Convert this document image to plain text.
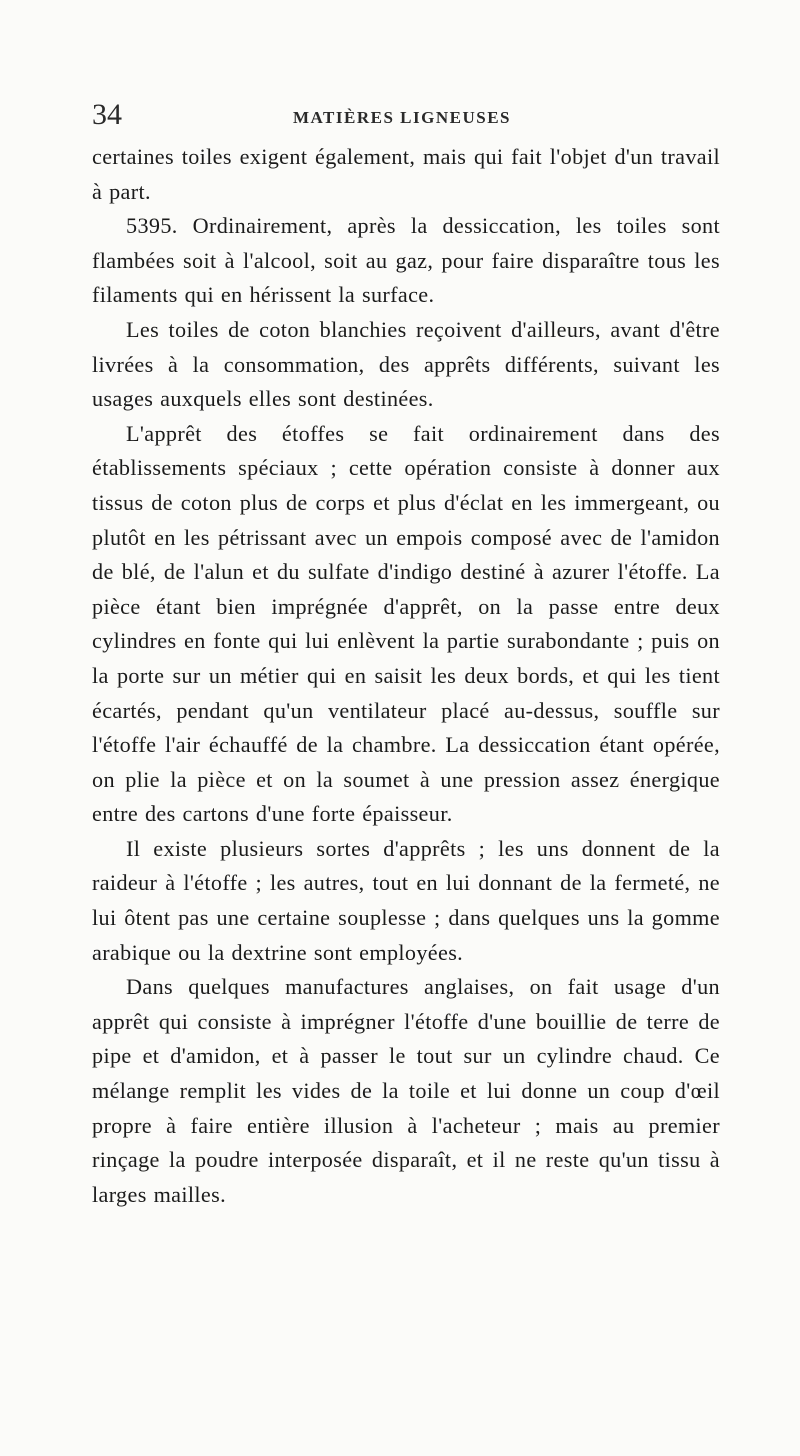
34	MATIÈRES LIGNEUSES

certaines toiles exigent également, mais qui fait l'objet d'un travail à part.

5395. Ordinairement, après la dessiccation, les toiles sont flambées soit à l'alcool, soit au gaz, pour faire disparaître tous les filaments qui en hérissent la surface.

Les toiles de coton blanchies reçoivent d'ailleurs, avant d'être livrées à la consommation, des apprêts différents, suivant les usages auxquels elles sont destinées.

L'apprêt des étoffes se fait ordinairement dans des établissements spéciaux ; cette opération consiste à donner aux tissus de coton plus de corps et plus d'éclat en les immergeant, ou plutôt en les pétrissant avec un empois composé avec de l'amidon de blé, de l'alun et du sulfate d'indigo destiné à azurer l'étoffe. La pièce étant bien imprégnée d'apprêt, on la passe entre deux cylindres en fonte qui lui enlèvent la partie surabondante ; puis on la porte sur un métier qui en saisit les deux bords, et qui les tient écartés, pendant qu'un ventilateur placé au-dessus, souffle sur l'étoffe l'air échauffé de la chambre. La dessiccation étant opérée, on plie la pièce et on la soumet à une pression assez énergique entre des cartons d'une forte épaisseur.

Il existe plusieurs sortes d'apprêts ; les uns donnent de la raideur à l'étoffe ; les autres, tout en lui donnant de la fermeté, ne lui ôtent pas une certaine souplesse ; dans quelques uns la gomme arabique ou la dextrine sont employées.

Dans quelques manufactures anglaises, on fait usage d'un apprêt qui consiste à imprégner l'étoffe d'une bouillie de terre de pipe et d'amidon, et à passer le tout sur un cylindre chaud. Ce mélange remplit les vides de la toile et lui donne un coup d'œil propre à faire entière illusion à l'acheteur ; mais au premier rinçage la poudre interposée disparaît, et il ne reste qu'un tissu à larges mailles.
